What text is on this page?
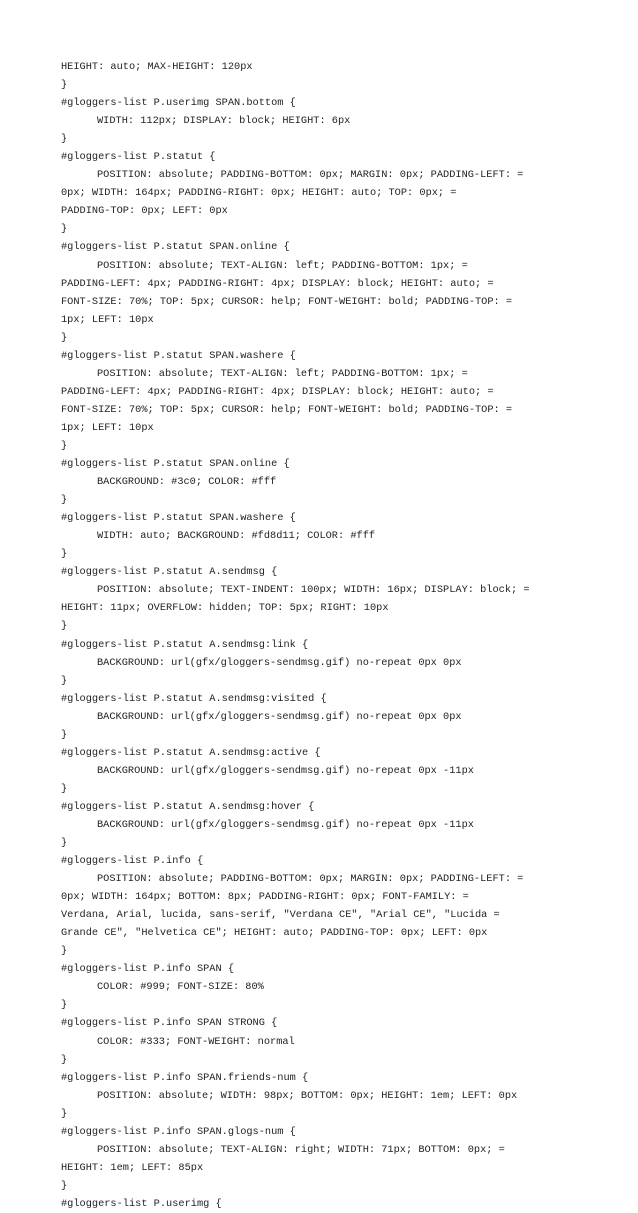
HEIGHT: auto; MAX-HEIGHT: 120px
}
#gloggers-list P.userimg SPAN.bottom {
WIDTH: 112px; DISPLAY: block; HEIGHT: 6px
}
#gloggers-list P.statut {
POSITION: absolute; PADDING-BOTTOM: 0px; MARGIN: 0px; PADDING-LEFT: =
0px; WIDTH: 164px; PADDING-RIGHT: 0px; HEIGHT: auto; TOP: 0px; =
PADDING-TOP: 0px; LEFT: 0px
}
#gloggers-list P.statut SPAN.online {
POSITION: absolute; TEXT-ALIGN: left; PADDING-BOTTOM: 1px; =
PADDING-LEFT: 4px; PADDING-RIGHT: 4px; DISPLAY: block; HEIGHT: auto; =
FONT-SIZE: 70%; TOP: 5px; CURSOR: help; FONT-WEIGHT: bold; PADDING-TOP: =
1px; LEFT: 10px
}
#gloggers-list P.statut SPAN.washere {
POSITION: absolute; TEXT-ALIGN: left; PADDING-BOTTOM: 1px; =
PADDING-LEFT: 4px; PADDING-RIGHT: 4px; DISPLAY: block; HEIGHT: auto; =
FONT-SIZE: 70%; TOP: 5px; CURSOR: help; FONT-WEIGHT: bold; PADDING-TOP: =
1px; LEFT: 10px
}
#gloggers-list P.statut SPAN.online {
BACKGROUND: #3c0; COLOR: #fff
}
#gloggers-list P.statut SPAN.washere {
WIDTH: auto; BACKGROUND: #fd8d11; COLOR: #fff
}
#gloggers-list P.statut A.sendmsg {
POSITION: absolute; TEXT-INDENT: 100px; WIDTH: 16px; DISPLAY: block; =
HEIGHT: 11px; OVERFLOW: hidden; TOP: 5px; RIGHT: 10px
}
#gloggers-list P.statut A.sendmsg:link {
BACKGROUND: url(gfx/gloggers-sendmsg.gif) no-repeat 0px 0px
}
#gloggers-list P.statut A.sendmsg:visited {
BACKGROUND: url(gfx/gloggers-sendmsg.gif) no-repeat 0px 0px
}
#gloggers-list P.statut A.sendmsg:active {
BACKGROUND: url(gfx/gloggers-sendmsg.gif) no-repeat 0px -11px
}
#gloggers-list P.statut A.sendmsg:hover {
BACKGROUND: url(gfx/gloggers-sendmsg.gif) no-repeat 0px -11px
}
#gloggers-list P.info {
POSITION: absolute; PADDING-BOTTOM: 0px; MARGIN: 0px; PADDING-LEFT: =
0px; WIDTH: 164px; BOTTOM: 8px; PADDING-RIGHT: 0px; FONT-FAMILY: =
Verdana, Arial, lucida, sans-serif, "Verdana CE", "Arial CE", "Lucida =
Grande CE", "Helvetica CE"; HEIGHT: auto; PADDING-TOP: 0px; LEFT: 0px
}
#gloggers-list P.info SPAN {
COLOR: #999; FONT-SIZE: 80%
}
#gloggers-list P.info SPAN STRONG {
COLOR: #333; FONT-WEIGHT: normal
}
#gloggers-list P.info SPAN.friends-num {
POSITION: absolute; WIDTH: 98px; BOTTOM: 0px; HEIGHT: 1em; LEFT: 0px
}
#gloggers-list P.info SPAN.glogs-num {
POSITION: absolute; TEXT-ALIGN: right; WIDTH: 71px; BOTTOM: 0px; =
HEIGHT: 1em; LEFT: 85px
}
#gloggers-list P.userimg {
